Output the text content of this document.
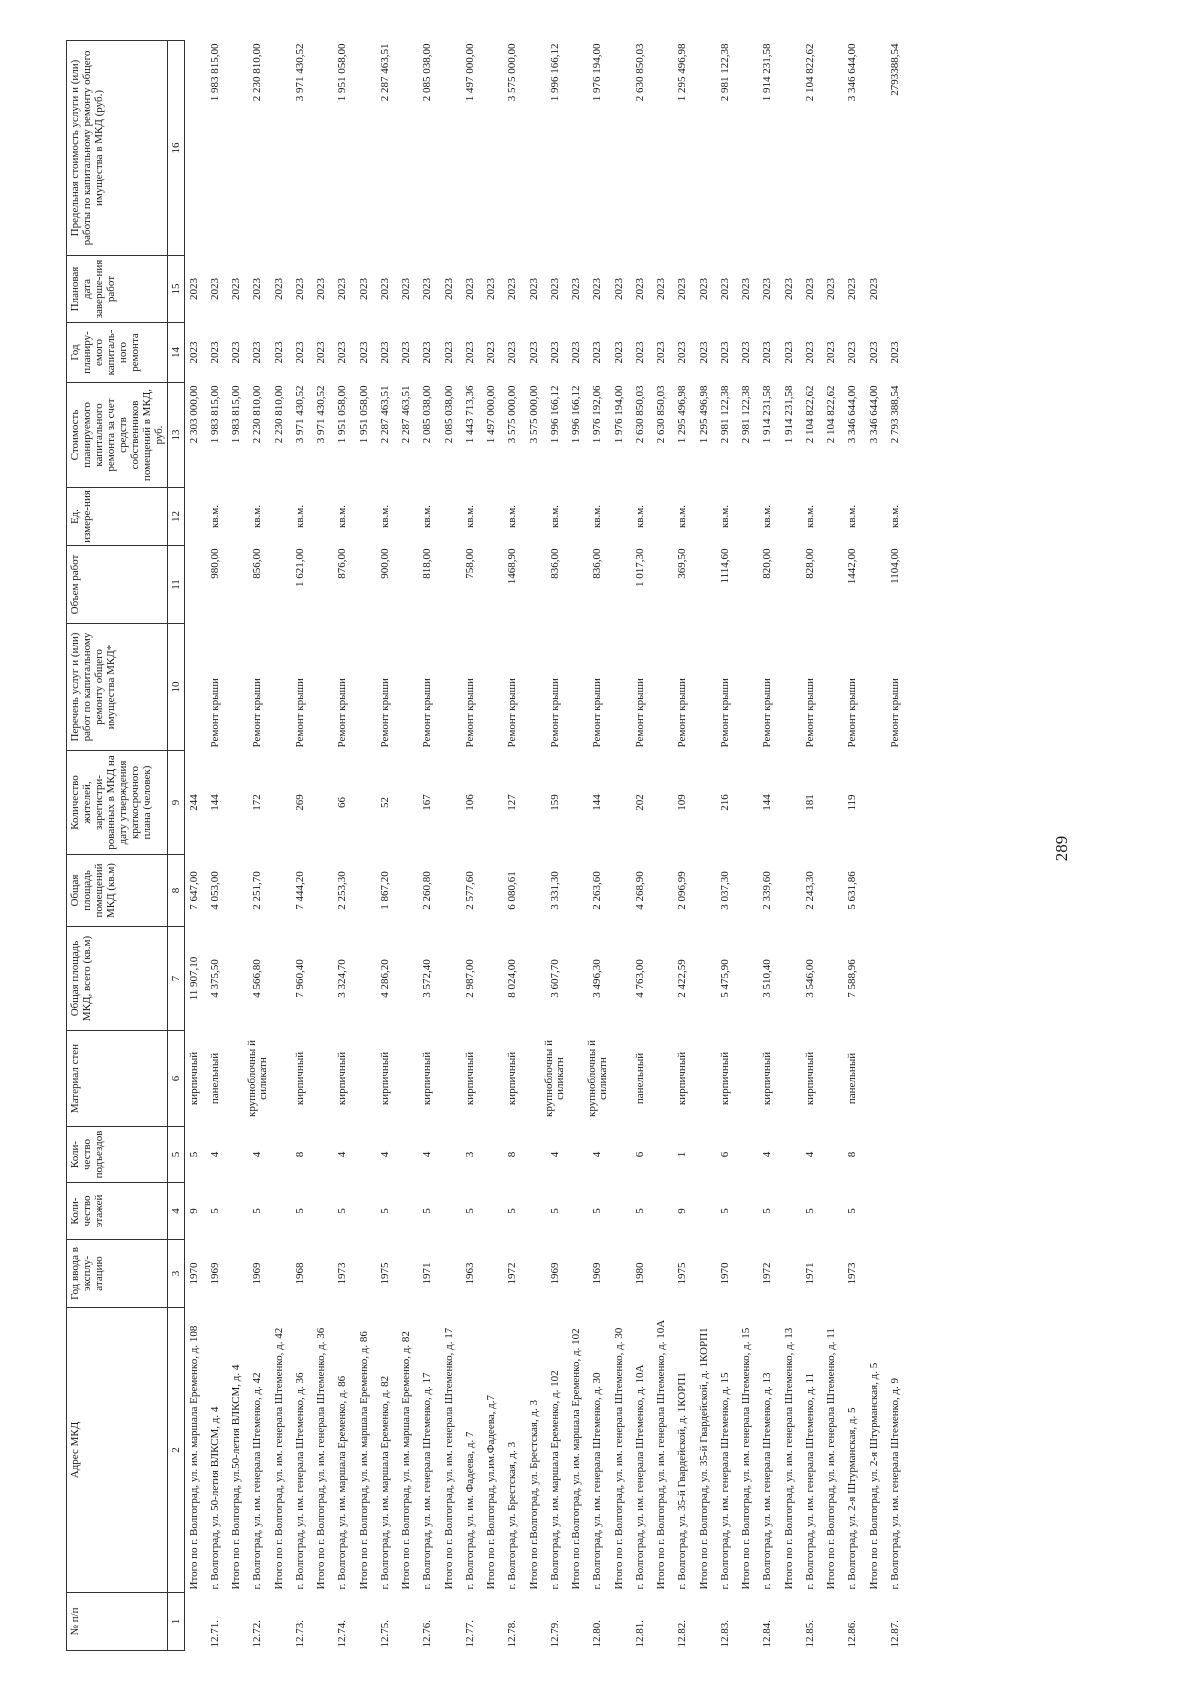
289
№ п/п	Адрес МКД	Год ввода в эксплу-атацию	Коли-чество этажей	Коли-чество подъездов	Материал стен	Общая площадь МКД, всего (кв.м)	Общая площадь помещений МКД (кв.м)	Количество жителей, зарегистри-рованных в МКД на дату утверждения краткосрочного плана (человек)	Перечень услуг и (или) работ по капитальному ремонту общего имущества МКД*	Объем работ	Ед. измере-ния	Стоимость планируемого капитального ремонта за счет средств собственников помещений в МКД, руб.	Год планиру-емого капиталь-ного ремонта	Плановая дата заверше-ния работ	Предельная стоимость услуги и (или) работы по капитальному ремонту общего имущества в МКД (руб.)
1	2	3	4	5	6	7	8	9	10	11	12	13	14	15	16
	Итого по г. Волгоград, ул. им. маршала Еременко, д. 108	1970	9	5	кирпичный	11 907,10	7 647,00	244				2 303 000,00	2023	2023	
12.71.	г. Волгоград, ул. 50-летия ВЛКСМ, д. 4	1969	5	4	панельный	4 375,50	4 053,00	144	Ремонт крыши	980,00	кв.м.	1 983 815,00	2023	2023	1 983 815,00
	Итого по г. Волгоград, ул.50-летия ВЛКСМ, д. 4											1 983 815,00	2023	2023	
12.72.	г. Волгоград, ул. им. генерала Штеменко, д. 42	1969	5	4	крупноблочны й силикатн	4 566,80	2 251,70	172	Ремонт крыши	856,00	кв.м.	2 230 810,00	2023	2023	2 230 810,00
	Итого по г. Волгоград, ул. им. генерала Штеменко, д. 42											2 230 810,00	2023	2023	
12.73.	г. Волгоград, ул. им. генерала Штеменко, д. 36	1968	5	8	кирпичный	7 960,40	7 444,20	269	Ремонт крыши	1 621,00	кв.м.	3 971 430,52	2023	2023	3 971 430,52
	Итого по г. Волгоград, ул. им. генерала Штеменко, д. 36											3 971 430,52	2023	2023	
12.74.	г. Волгоград, ул. им. маршала Еременко, д. 86	1973	5	4	кирпичный	3 324,70	2 253,30	66	Ремонт крыши	876,00	кв.м.	1 951 058,00	2023	2023	1 951 058,00
	Итого по г. Волгоград, ул. им. маршала Еременко, д. 86											1 951 058,00	2023	2023	
12.75.	г. Волгоград, ул. им. маршала Еременко, д. 82	1975	5	4	кирпичный	4 286,20	1 867,20	52	Ремонт крыши	900,00	кв.м.	2 287 463,51	2023	2023	2 287 463,51
	Итого по г. Волгоград, ул. им. маршала Еременко, д. 82											2 287 463,51	2023	2023	
12.76.	г. Волгоград, ул. им. генерала Штеменко, д. 17	1971	5	4	кирпичный	3 572,40	2 260,80	167	Ремонт крыши	818,00	кв.м.	2 085 038,00	2023	2023	2 085 038,00
	Итого по г. Волгоград, ул. им. генерала Штеменко, д. 17											2 085 038,00	2023	2023	
12.77.	г. Волгоград, ул. им. Фадеева, д. 7	1963	5	3	кирпичный	2 987,00	2 577,60	106	Ремонт крыши	758,00	кв.м.	1 443 713,36	2023	2023	1 497 000,00
	Итого по г. Волгоград, ул.им.Фадеева, д.7											1 497 000,00	2023	2023	
12.78.	г. Волгоград, ул. Брестская, д. 3	1972	5	8	кирпичный	8 024,00	6 080,61	127	Ремонт крыши	1468,90	кв.м.	3 575 000,00	2023	2023	3 575 000,00
	Итого по г.Волгоград, ул. Брестская, д. 3											3 575 000,00	2023	2023	
12.79.	г. Волгоград, ул. им. маршала Еременко, д. 102	1969	5	4	крупноблочны й силикатн	3 607,70	3 331,30	159	Ремонт крыши	836,00	кв.м.	1 996 166,12	2023	2023	1 996 166,12
	Итого по г.Волгоград, ул. им. маршала Еременко, д. 102											1 996 166,12	2023	2023	
12.80.	г. Волгоград, ул. им. генерала Штеменко, д. 30	1969	5	4	крупноблочны й силикатн	3 496,30	2 263,60	144	Ремонт крыши	836,00	кв.м.	1 976 192,06	2023	2023	1 976 194,00
	Итого по г. Волгоград, ул. им. генерала Штеменко, д. 30											1 976 194,00	2023	2023	
12.81.	г. Волгоград, ул. им. генерала Штеменко, д. 10А	1980	5	6	панельный	4 763,00	4 268,90	202	Ремонт крыши	1 017,30	кв.м.	2 630 850,03	2023	2023	2 630 850,03
	Итого по г. Волгоград, ул. им. генерала Штеменко, д. 10А											2 630 850,03	2023	2023	
12.82.	г. Волгоград, ул. 35-й Гвардейской, д. 1КОРП1	1975	9	1	кирпичный	2 422,59	2 096,99	109	Ремонт крыши	369,50	кв.м.	1 295 496,98	2023	2023	1 295 496,98
	Итого по г. Волгоград, ул. 35-й Гвардейской, д. 1КОРП1											1 295 496,98	2023	2023	
12.83.	г. Волгоград, ул. им. генерала Штеменко, д. 15	1970	5	6	кирпичный	5 475,90	3 037,30	216	Ремонт крыши	1114,60	кв.м.	2 981 122,38	2023	2023	2 981 122,38
	Итого по г. Волгоград, ул. им. генерала Штеменко, д. 15											2 981 122,38	2023	2023	
12.84.	г. Волгоград, ул. им. генерала Штеменко, д. 13	1972	5	4	кирпичный	3 510,40	2 339,60	144	Ремонт крыши	820,00	кв.м.	1 914 231,58	2023	2023	1 914 231,58
	Итого по г. Волгоград, ул. им. генерала Штеменко, д. 13											1 914 231,58	2023	2023	
12.85.	г. Волгоград, ул. им. генерала Штеменко, д. 11	1971	5	4	кирпичный	3 546,00	2 243,30	181	Ремонт крыши	828,00	кв.м.	2 104 822,62	2023	2023	2 104 822,62
	Итого по г. Волгоград, ул. им. генерала Штеменко, д. 11											2 104 822,62	2023	2023	
12.86.	г. Волгоград, ул. 2-я Штурманская, д. 5	1973	5	8	панельный	7 588,96	5 631,86	119	Ремонт крыши	1442,00	кв.м.	3 346 644,00	2023	2023	3 346 644,00
	Итого по г. Волгоград, ул. 2-я Штурманская, д. 5											3 346 644,00	2023	2023	
12.87.	г. Волгоград, ул. им. генерала Штеменко, д. 9								Ремонт крыши	1104,00	кв.м.	2 793 388,54	2023		2793388,54
